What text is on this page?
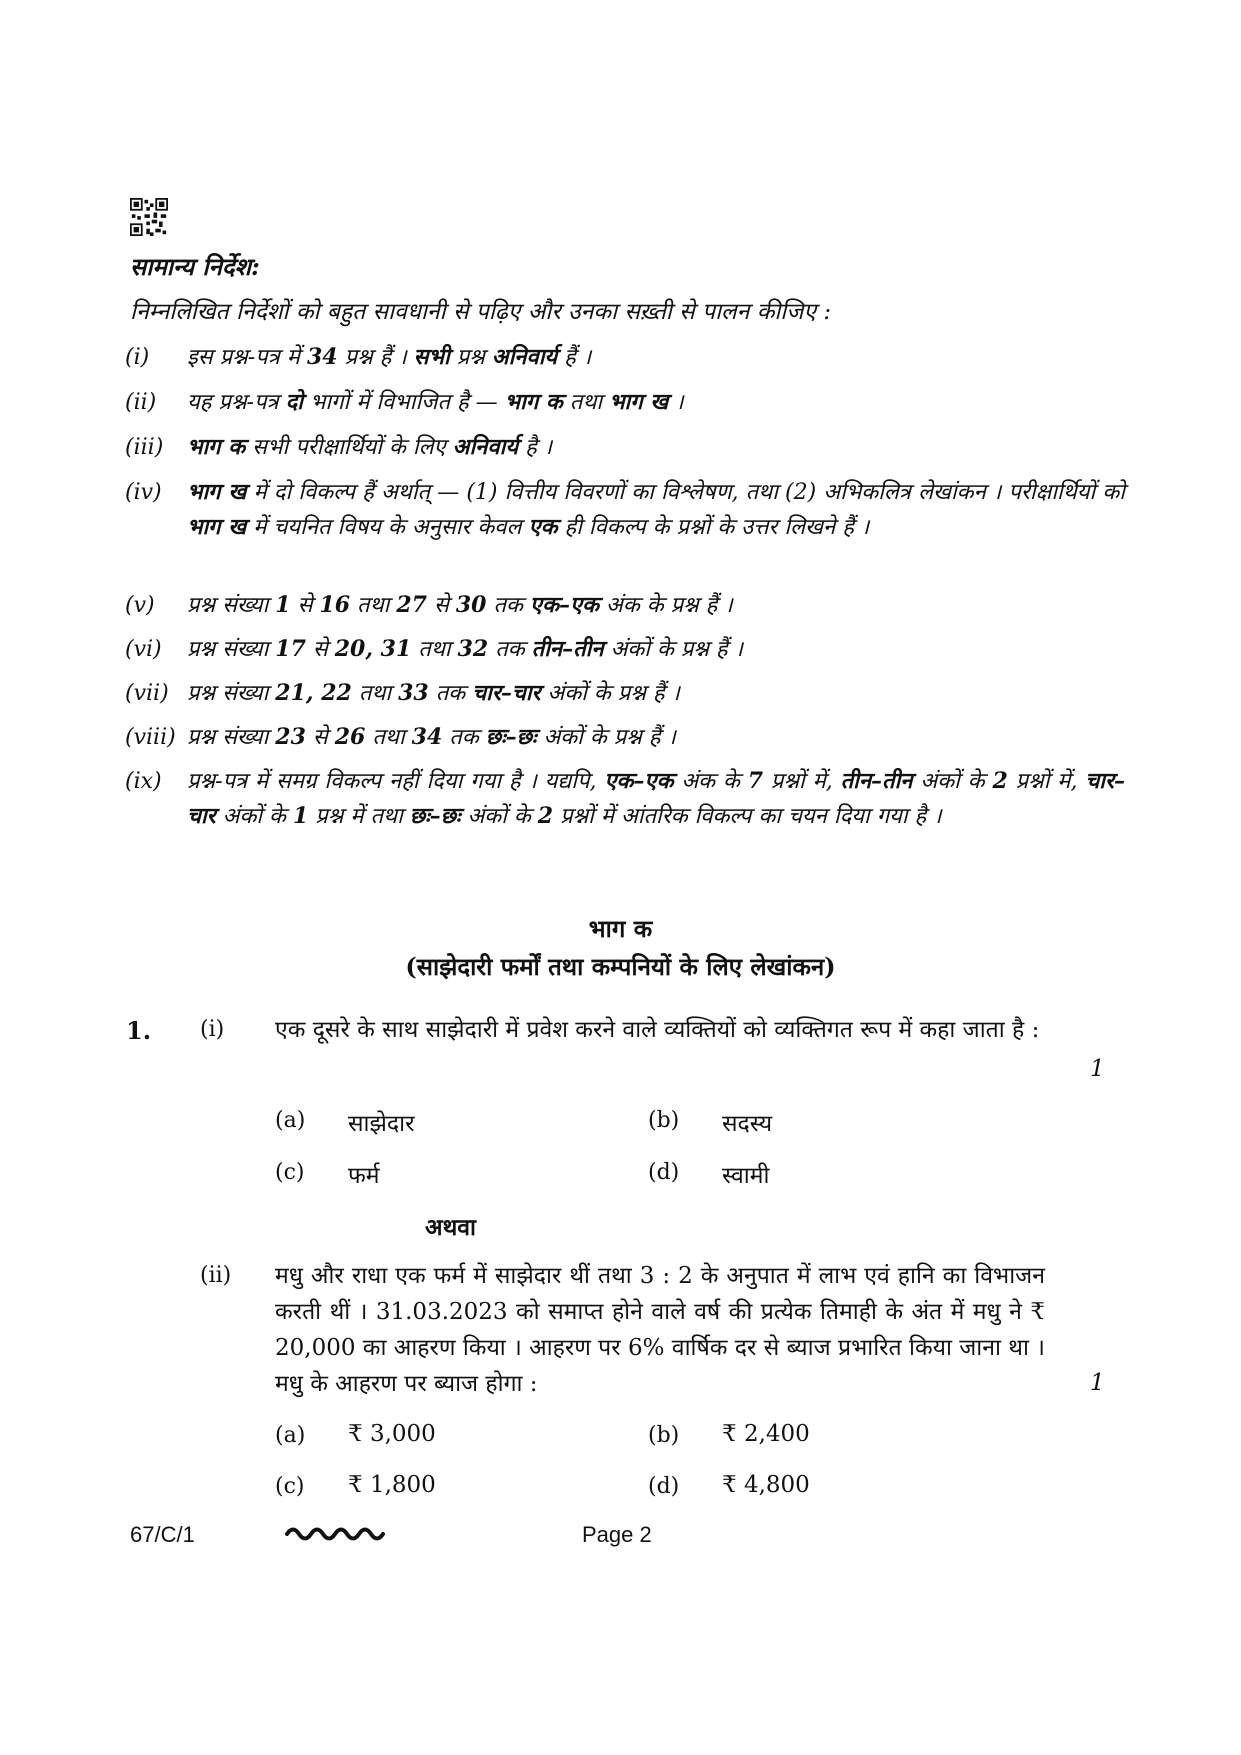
सामान्य निर्देश:
निम्नलिखित निर्देशों को बहुत सावधानी से पढ़िए और उनका सख़्ती से पालन कीजिए :
(i)	इस प्रश्न-पत्र में 34 प्रश्न हैं । सभी प्रश्न अनिवार्य हैं ।
(ii)	यह प्रश्न-पत्र दो भागों में विभाजित है — भाग क तथा भाग ख ।
(iii)	भाग क सभी परीक्षार्थियों के लिए अनिवार्य है ।
(iv)	भाग ख में दो विकल्प हैं अर्थात् — (1) वित्तीय विवरणों का विश्लेषण, तथा (2) अभिकलित्र लेखांकन । परीक्षार्थियों को भाग ख में चयनित विषय के अनुसार केवल एक ही विकल्प के प्रश्नों के उत्तर लिखने हैं ।
(v)	प्रश्न संख्या 1 से 16 तथा 27 से 30 तक एक–एक अंक के प्रश्न हैं ।
(vi)	प्रश्न संख्या 17 से 20, 31 तथा 32 तक तीन–तीन अंकों के प्रश्न हैं ।
(vii) प्रश्न संख्या 21, 22 तथा 33 तक चार–चार अंकों के प्रश्न हैं ।
(viii) प्रश्न संख्या 23 से 26 तथा 34 तक छः–छः अंकों के प्रश्न हैं ।
(ix)	प्रश्न-पत्र में समग्र विकल्प नहीं दिया गया है । यद्यपि, एक–एक अंक के 7 प्रश्नों में, तीन–तीन अंकों के 2 प्रश्नों में, चार–चार अंकों के 1 प्रश्न में तथा छः–छः अंकों के 2 प्रश्नों में आंतरिक विकल्प का चयन दिया गया है ।
भाग क
(साझेदारी फर्मों तथा कम्पनियों के लिए लेखांकन)
1. (i) एक दूसरे के साथ साझेदारी में प्रवेश करने वाले व्यक्तियों को व्यक्तिगत रूप में कहा जाता है :
1
(a) साझेदार	(b) सदस्य
(c) फर्म	(d) स्वामी
अथवा
(ii) मधु और राधा एक फर्म में साझेदार थीं तथा 3 : 2 के अनुपात में लाभ एवं हानि का विभाजन करती थीं । 31.03.2023 को समाप्त होने वाले वर्ष की प्रत्येक तिमाही के अंत में मधु ने ₹ 20,000 का आहरण किया । आहरण पर 6% वार्षिक दर से ब्याज प्रभारित किया जाना था । मधु के आहरण पर ब्याज होगा :	1
(a) ₹ 3,000	(b) ₹ 2,400
(c) ₹ 1,800	(d) ₹ 4,800
67/C/1	Page 2
